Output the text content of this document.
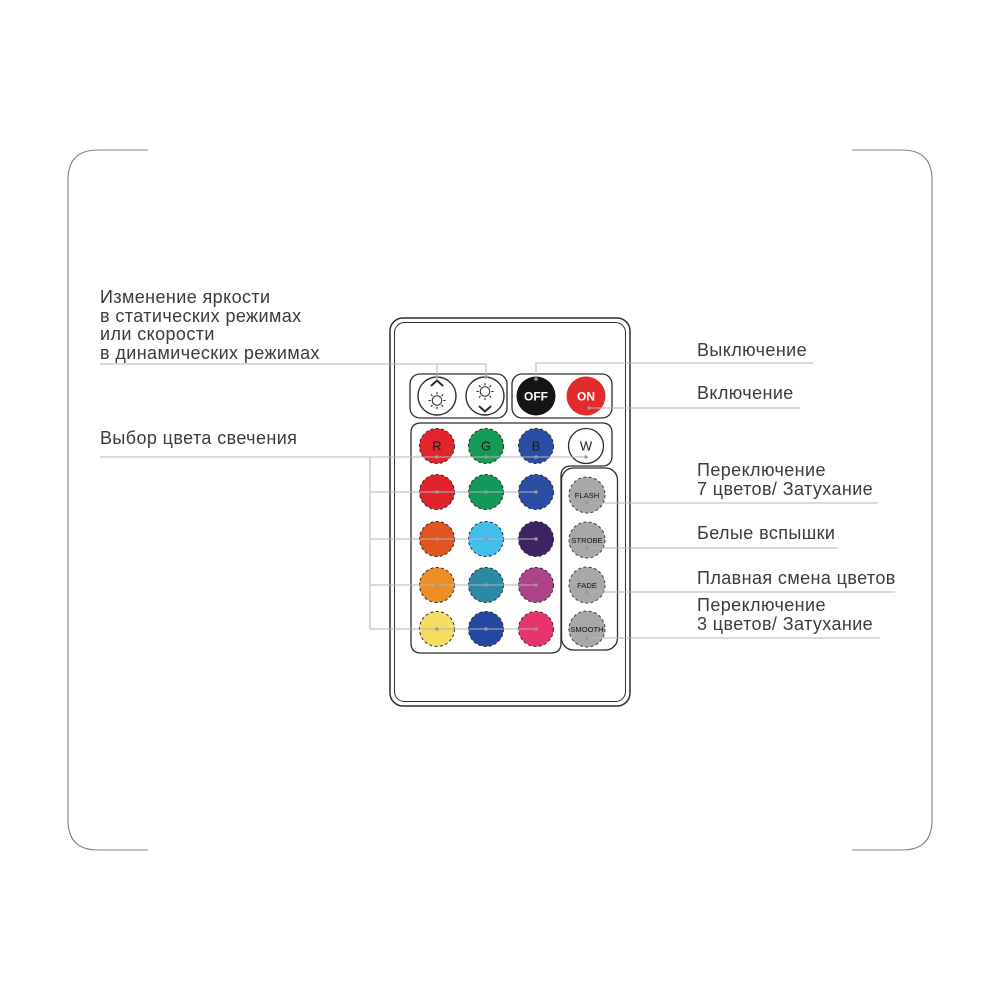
Изменение яркости
в статических режимах
или скорости
в динамических режимах
Выбор цвета свечения
Выключение
Включение
Переключение
7 цветов/ Затухание
Белые вспышки
Плавная смена цветов
Переключение
3 цветов/ Затухание
OFF ON
R	G	B	W
FLASH
STROBE
FADE
SMOOTH
